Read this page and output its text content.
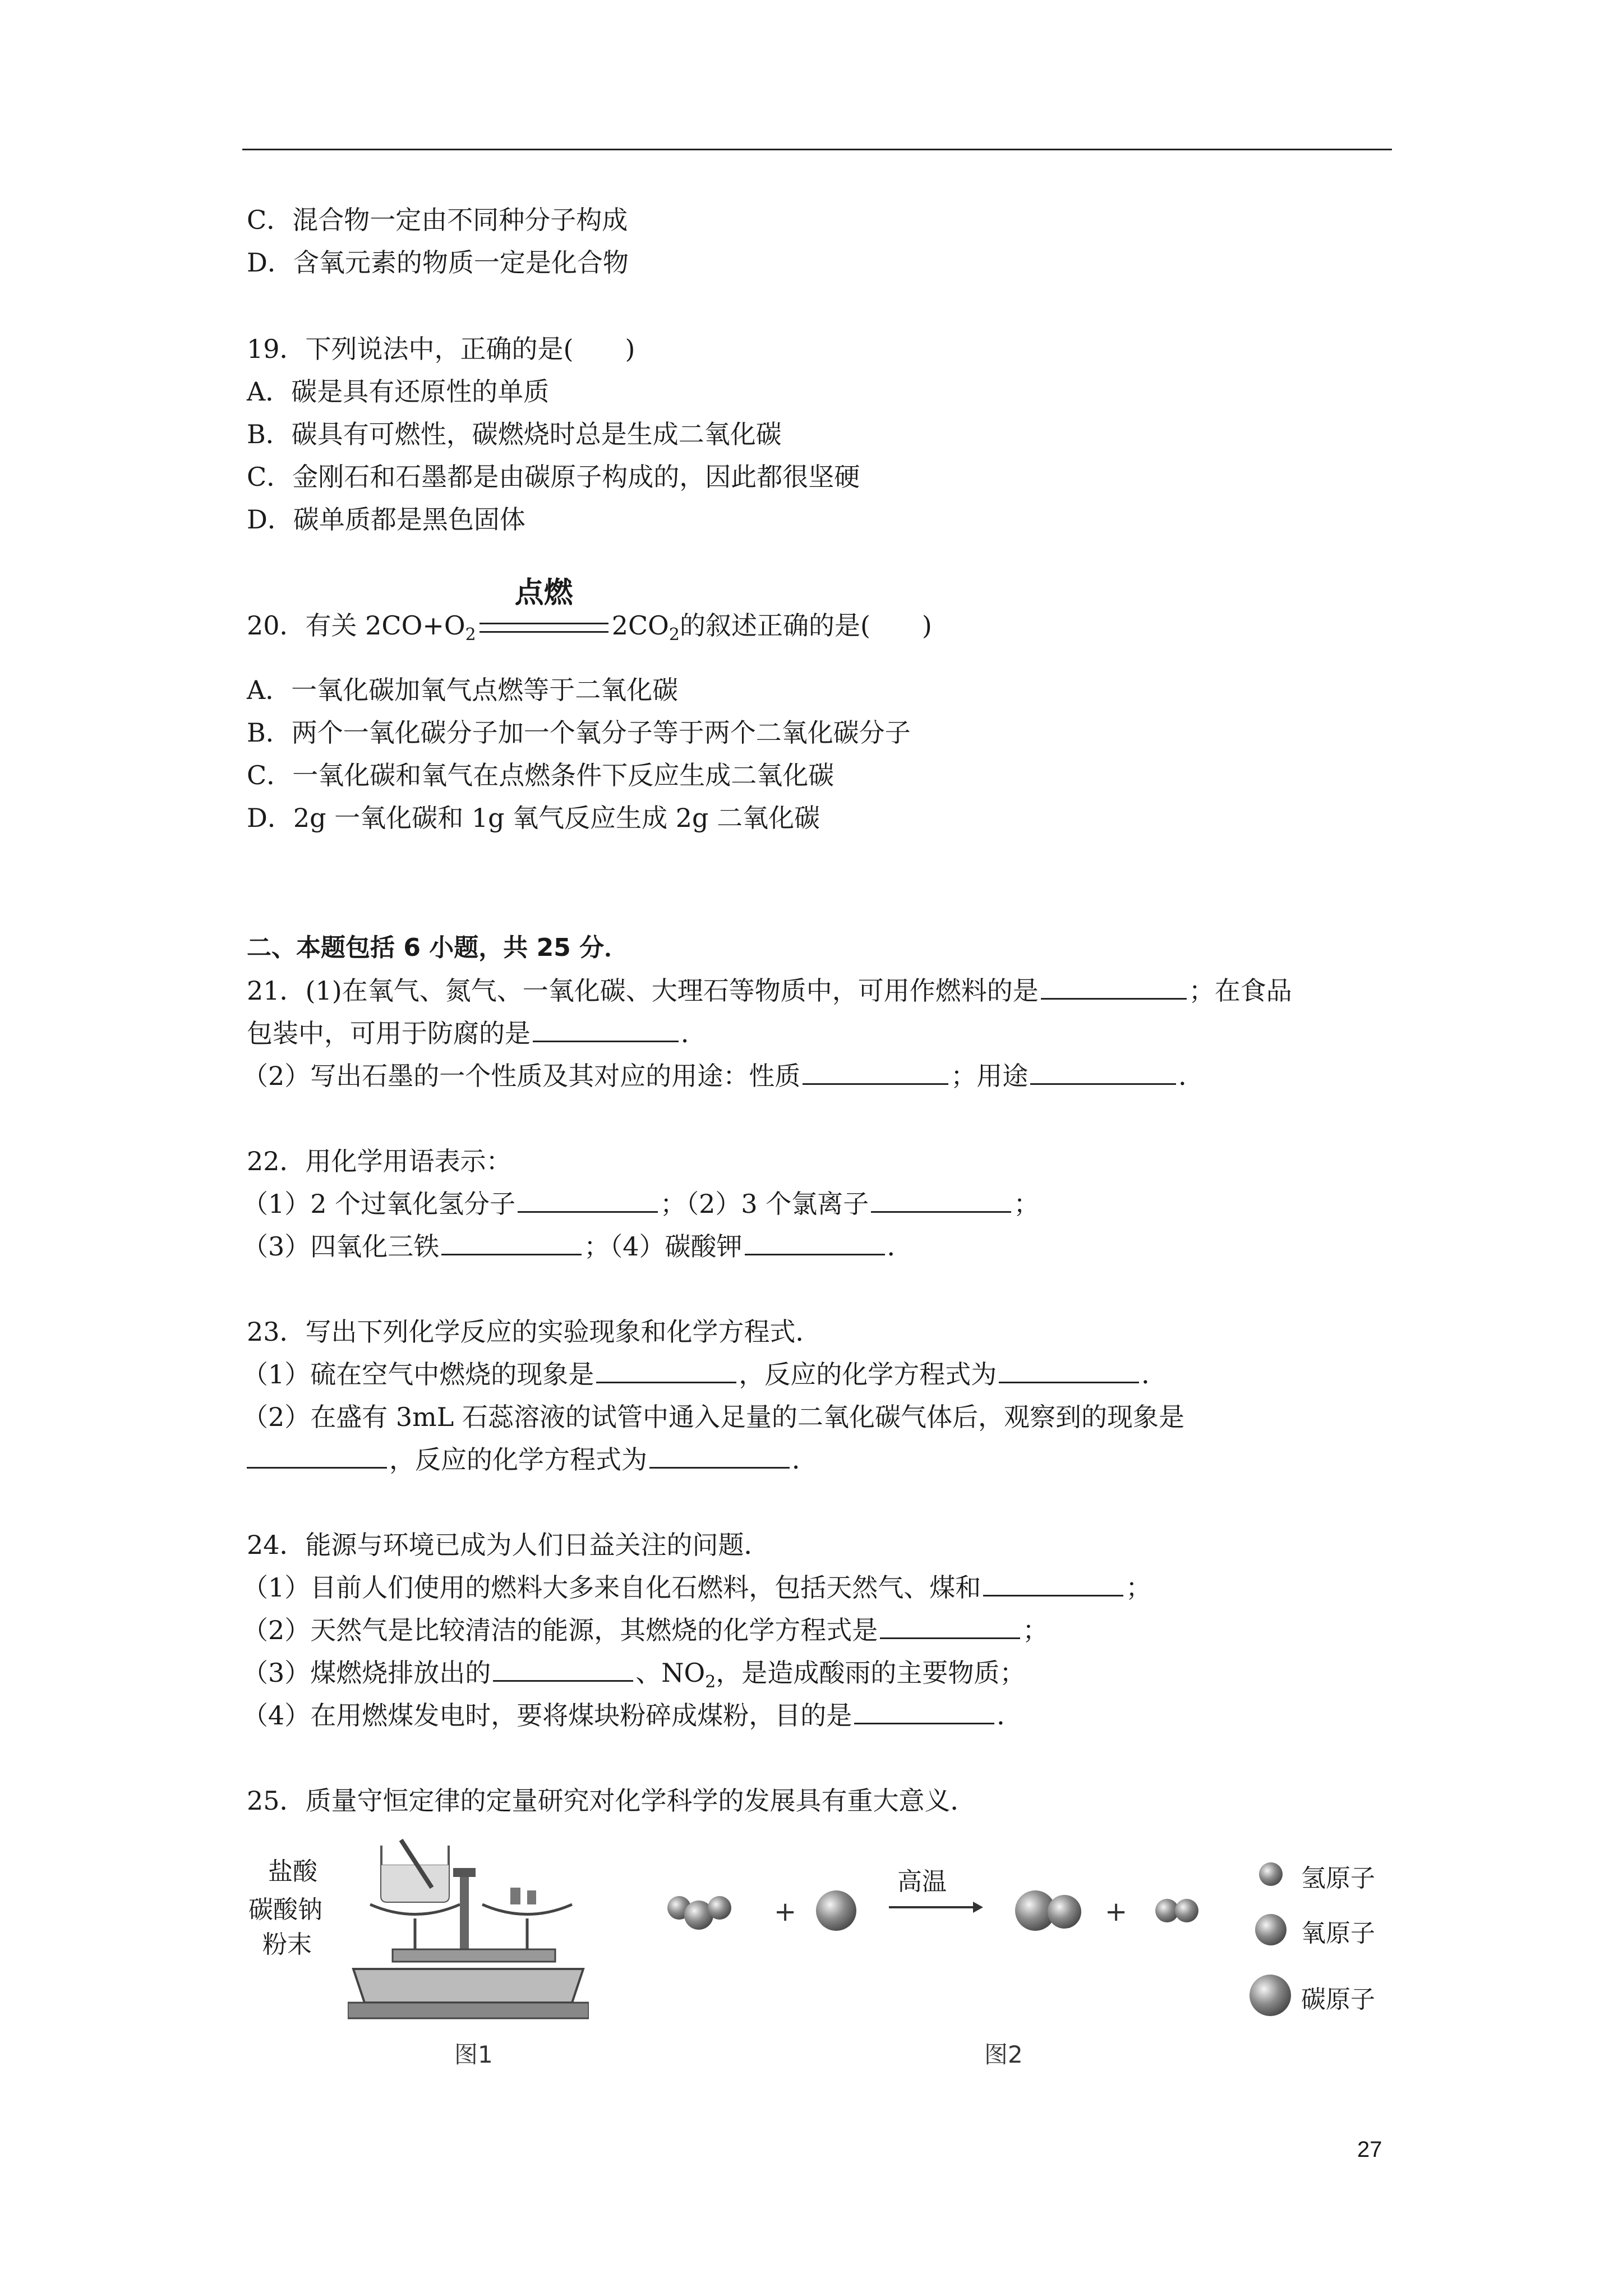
C．混合物一定由不同种分子构成
D．含氧元素的物质一定是化合物
19．下列说法中，正确的是(　　)
A．碳是具有还原性的单质
B．碳具有可燃性，碳燃烧时总是生成二氧化碳
C．金刚石和石墨都是由碳原子构成的，因此都很坚硬
D．碳单质都是黑色固体
20．有关 $2CO+O_2$
点燃
$2CO_2$的叙述正确的是(　　)
A．一氧化碳加氧气点燃等于二氧化碳
B．两个一氧化碳分子加一个氧分子等于两个二氧化碳分子
C．一氧化碳和氧气在点燃条件下反应生成二氧化碳
D．2g 一氧化碳和 1g 氧气反应生成 2g 二氧化碳
二、本题包括 6 小题，共 25 分．
21．(1)在氧气、氮气、一氧化碳、大理石等物质中，可用作燃料的是	；在食品
包装中，可用于防腐的是	．
（2）写出石墨的一个性质及其对应的用途：性质	；用途	．
22．用化学用语表示：
（1）2 个过氧化氢分子	；（2）3 个氯离子	；
（3）四氧化三铁	；（4）碳酸钾	．
23．写出下列化学反应的实验现象和化学方程式．
（1）硫在空气中燃烧的现象是	，反应的化学方程式为	．
（2）在盛有 3mL 石蕊溶液的试管中通入足量的二氧化碳气体后，观察到的现象是
，反应的化学方程式为	．
24．能源与环境已成为人们日益关注的问题．
（1）目前人们使用的燃料大多来自化石燃料，包括天然气、煤和	；
（2）天然气是比较清洁的能源，其燃烧的化学方程式是	；
（3）煤燃烧排放出的	、$NO_2$，是造成酸雨的主要物质；
（4）在用燃煤发电时，要将煤块粉碎成煤粉，目的是	．
25．质量守恒定律的定量研究对化学科学的发展具有重大意义．
盐酸
碳酸钠
粉末
图1
+
高温
+
氢原子
氧原子
碳原子
图2
27
